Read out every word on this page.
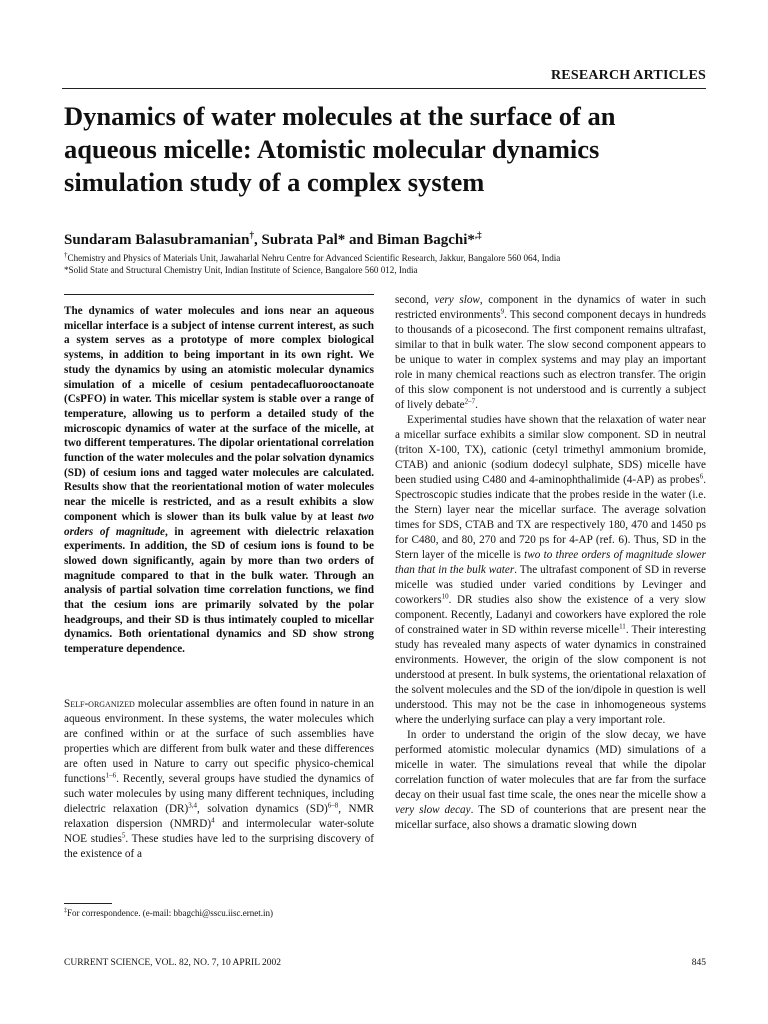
RESEARCH ARTICLES
Dynamics of water molecules at the surface of an aqueous micelle: Atomistic molecular dynamics simulation study of a complex system
Sundaram Balasubramanian†, Subrata Pal* and Biman Bagchi*,‡
†Chemistry and Physics of Materials Unit, Jawaharlal Nehru Centre for Advanced Scientific Research, Jakkur, Bangalore 560 064, India
*Solid State and Structural Chemistry Unit, Indian Institute of Science, Bangalore 560 012, India

The dynamics of water molecules and ions near an aqueous micellar interface is a subject of intense current interest, as such a system serves as a prototype of more complex biological systems, in addition to being important in its own right. We study the dynamics by using an atomistic molecular dynamics simulation of a micelle of cesium pentadecafluorooctanoate (CsPFO) in water. This micellar system is stable over a range of temperature, allowing us to perform a detailed study of the microscopic dynamics of water at the surface of the micelle, at two different temperatures. The dipolar orientational correlation function of the water molecules and the polar solvation dynamics (SD) of cesium ions and tagged water molecules are calculated. Results show that the reorientational motion of water molecules near the micelle is restricted, and as a result exhibits a slow component which is slower than its bulk value by at least two orders of magnitude, in agreement with dielectric relaxation experiments. In addition, the SD of cesium ions is found to be slowed down significantly, again by more than two orders of magnitude compared to that in the bulk water. Through an analysis of partial solvation time correlation functions, we find that the cesium ions are primarily solvated by the polar headgroups, and their SD is thus intimately coupled to micellar dynamics. Both orientational dynamics and SD show strong temperature dependence.

Self-organized molecular assemblies are often found in nature in an aqueous environment. In these systems, the water molecules which are confined within or at the surface of such assemblies have properties which are different from bulk water and these differences are often used in Nature to carry out specific physico-chemical functions$^{1-6}$. Recently, several groups have studied the dynamics of such water molecules by using many different techniques, including dielectric relaxation (DR)$^{3,4}$, solvation dynamics (SD)$^{6-8}$, NMR relaxation dispersion (NMRD)$^4$ and intermolecular water-solute NOE studies$^5$. These studies have led to the surprising discovery of the existence of a

second, very slow, component in the dynamics of water in such restricted environments$^9$. This second component decays in hundreds to thousands of a picosecond. The first component remains ultrafast, similar to that in bulk water. The slow second component appears to be unique to water in complex systems and may play an important role in many chemical reactions such as electron transfer. The origin of this slow component is not understood and is currently a subject of lively debate$^{2-7}$.

Experimental studies have shown that the relaxation of water near a micellar surface exhibits a similar slow component. SD in neutral (triton X-100, TX), cationic (cetyl trimethyl ammonium bromide, CTAB) and anionic (sodium dodecyl sulphate, SDS) micelle have been studied using C480 and 4-aminophthalimide (4-AP) as probes$^6$. Spectroscopic studies indicate that the probes reside in the water (i.e. the Stern) layer near the micellar surface. The average solvation times for SDS, CTAB and TX are respectively 180, 470 and 1450 ps for C480, and 80, 270 and 720 ps for 4-AP (ref. 6). Thus, SD in the Stern layer of the micelle is two to three orders of magnitude slower than that in the bulk water. The ultrafast component of SD in reverse micelle was studied under varied conditions by Levinger and coworkers$^{10}$. DR studies also show the existence of a very slow component. Recently, Ladanyi and coworkers have explored the role of constrained water in SD within reverse micelle$^{11}$. Their interesting study has revealed many aspects of water dynamics in constrained environments. However, the origin of the slow component is not understood at present. In bulk systems, the orientational relaxation of the solvent molecules and the SD of the ion/dipole in question is well understood. This may not be the case in inhomogeneous systems where the underlying surface can play a very important role.

In order to understand the origin of the slow decay, we have performed atomistic molecular dynamics (MD) simulations of a micelle in water. The simulations reveal that while the dipolar correlation function of water molecules that are far from the surface decay on their usual fast time scale, the ones near the micelle show a very slow decay. The SD of counterions that are present near the micellar surface, also shows a dramatic slowing down

‡For correspondence. (e-mail: bbagchi@sscu.iisc.ernet.in)
CURRENT SCIENCE, VOL. 82, NO. 7, 10 APRIL 2002	845
